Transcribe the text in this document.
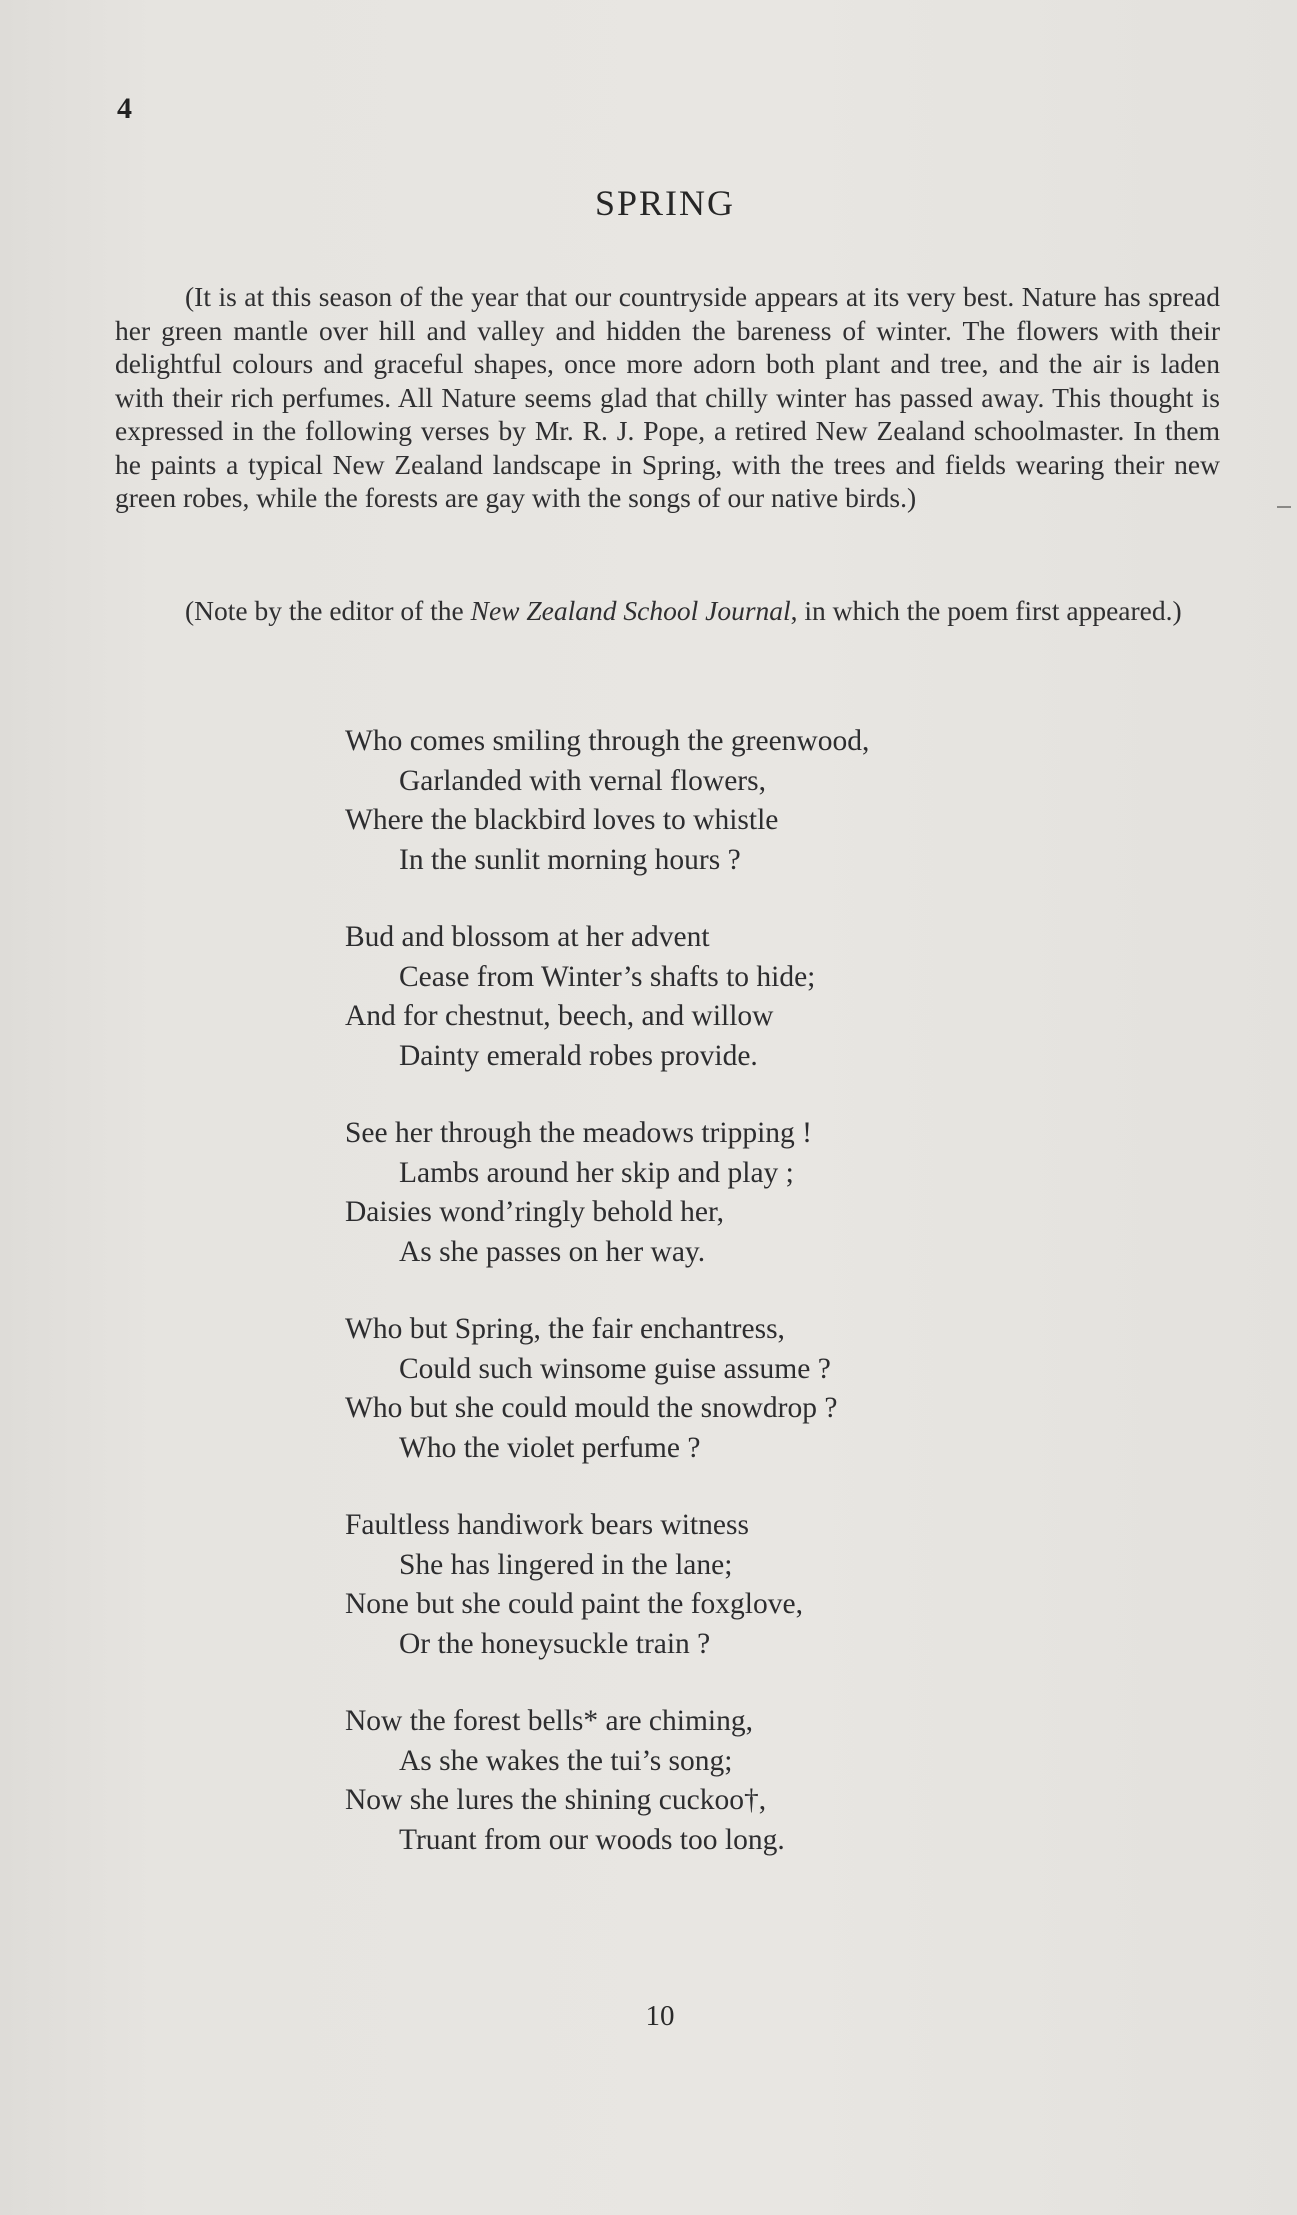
4
SPRING

(It is at this season of the year that our countryside appears at its very best. Nature has spread her green mantle over hill and valley and hidden the bareness of winter. The flowers with their delightful colours and graceful shapes, once more adorn both plant and tree, and the air is laden with their rich perfumes. All Nature seems glad that chilly winter has passed away. This thought is expressed in the following verses by Mr. R. J. Pope, a retired New Zealand schoolmaster. In them he paints a typical New Zealand landscape in Spring, with the trees and fields wearing their new green robes, while the forests are gay with the songs of our native birds.)

(Note by the editor of the New Zealand School Journal, in which the poem first appeared.)

Who comes smiling through the greenwood,
Garlanded with vernal flowers,
Where the blackbird loves to whistle
In the sunlit morning hours ?
Bud and blossom at her advent
Cease from Winter’s shafts to hide;
And for chestnut, beech, and willow
Dainty emerald robes provide.
See her through the meadows tripping !
Lambs around her skip and play ;
Daisies wond’ringly behold her,
As she passes on her way.
Who but Spring, the fair enchantress,
Could such winsome guise assume ?
Who but she could mould the snowdrop ?
Who the violet perfume ?
Faultless handiwork bears witness
She has lingered in the lane;
None but she could paint the foxglove,
Or the honeysuckle train ?
Now the forest bells* are chiming,
As she wakes the tui’s song;
Now she lures the shining cuckoo†,
Truant from our woods too long.
10
